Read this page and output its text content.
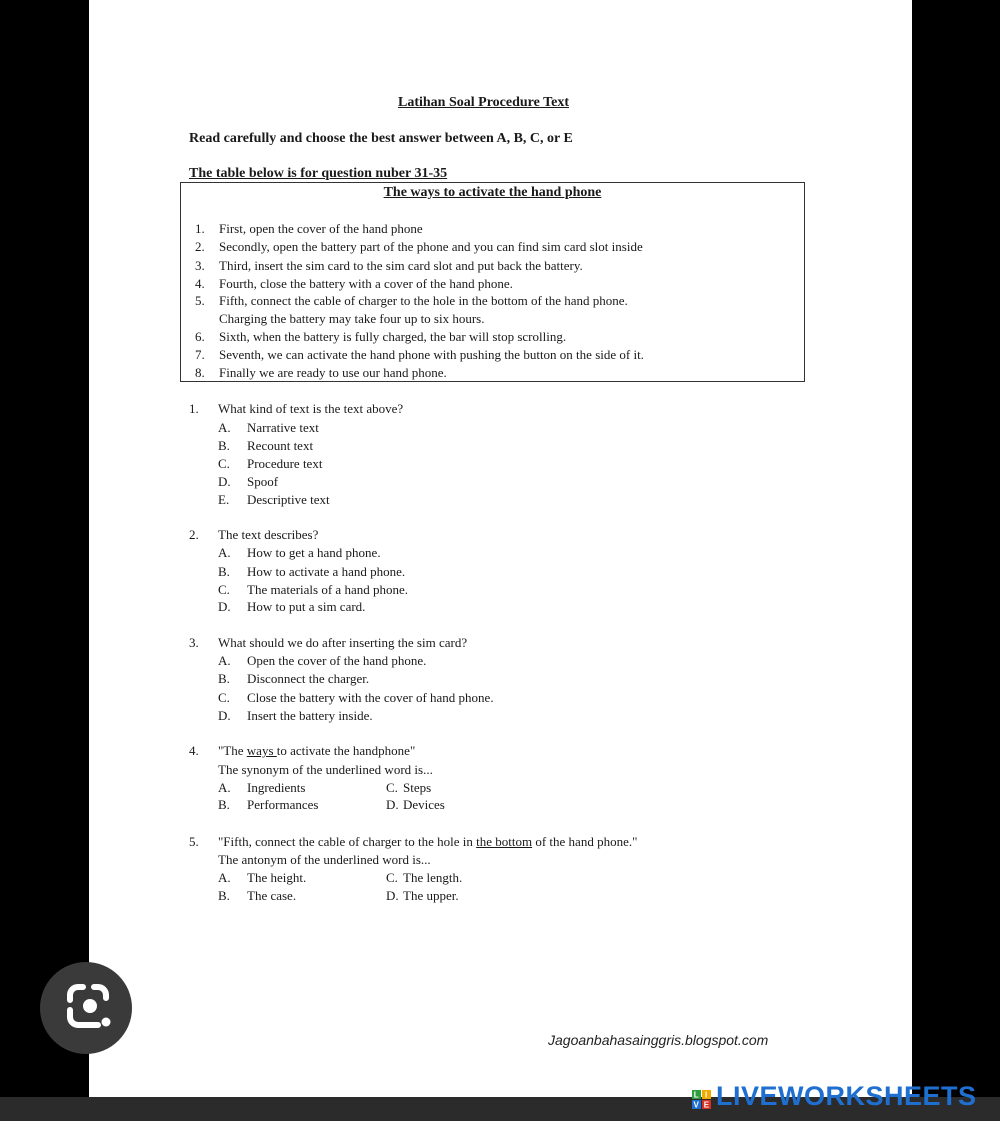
Latihan Soal Procedure Text
Read carefully and choose the best answer between A, B, C, or E
The table below is for question nuber 31-35
The ways to activate the hand phone
1. First, open the cover of the hand phone
2. Secondly, open the battery part of the phone and you can find sim card slot inside
3. Third, insert the sim card to the sim card slot and put back the battery.
4. Fourth, close the battery with a cover of the hand phone.
5. Fifth, connect the cable of charger to the hole in the bottom of the hand phone.
Charging the battery may take four up to six hours.
6. Sixth, when the battery is fully charged, the bar will stop scrolling.
7. Seventh, we can activate the hand phone with pushing the button on the side of it.
8. Finally we are ready to use our hand phone.
1. What kind of text is the text above?
A. Narrative text
B. Recount text
C. Procedure text
D. Spoof
E. Descriptive text
2. The text describes?
A. How to get a hand phone.
B. How to activate a hand phone.
C. The materials of a hand phone.
D. How to put a sim card.
3. What should we do after inserting the sim card?
A. Open the cover of the hand phone.
B. Disconnect the charger.
C. Close the battery with the cover of hand phone.
D. Insert the battery inside.
4. "The ways to activate the handphone"
The synonym of the underlined word is...
A. Ingredients	C. Steps
B. Performances	D. Devices
5. "Fifth, connect the cable of charger to the hole in the bottom of the hand phone."
The antonym of the underlined word is...
A. The height.	C. The length.
B. The case.	D. The upper.
Jagoanbahasainggris.blogspot.com
L I
V E LIVEWORKSHEETS
